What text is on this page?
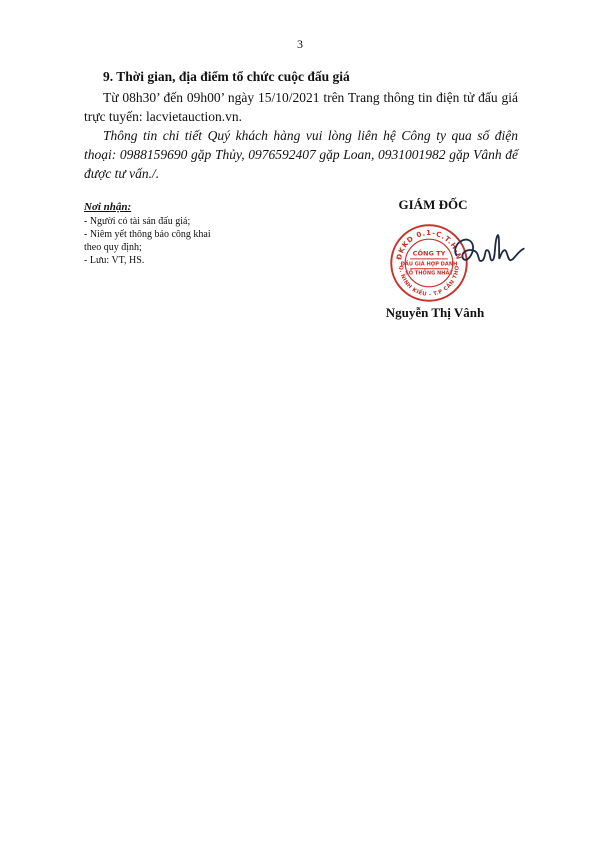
3
9. Thời gian, địa điểm tổ chức cuộc đấu giá
Từ 08h30’ đến 09h00’ ngày 15/10/2021 trên Trang thông tin điện tử đấu giá trực tuyến: lacvietauction.vn.
Thông tin chi tiết Quý khách hàng vui lòng liên hệ Công ty qua số điện thoại: 0988159690 gặp Thủy, 0976592407 gặp Loan, 0931001982 gặp Vânh để được tư vấn./.
Nơi nhận:
- Người có tài sản đấu giá;
- Niêm yết thông báo công khai
theo quy định;
- Lưu: VT, HS.
GIÁM ĐỐC
ĐKKD 0.1-C.T.H-N
Q. NINH KIỀU - T.P CẦN THƠ
CÔNG TY
ĐẤU GIÁ HỢP DANH
SỐ THỐNG NHẤT
Nguyễn Thị Vânh
